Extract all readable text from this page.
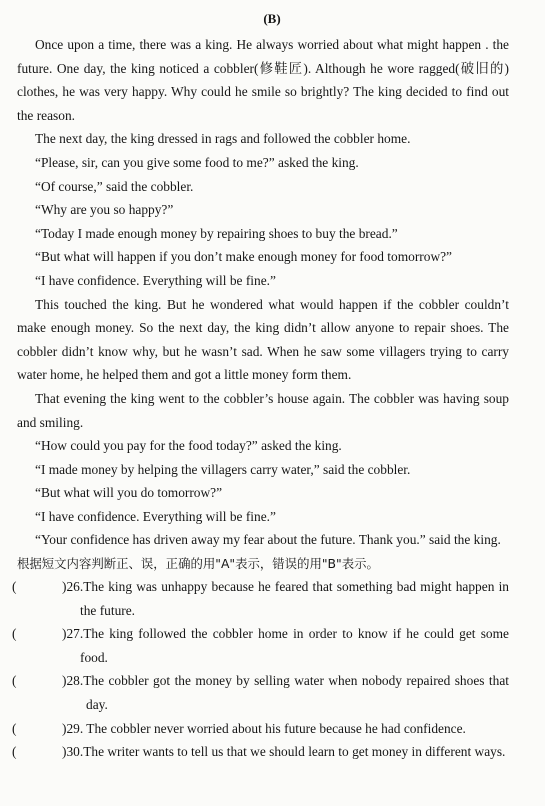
(B)

Once upon a time, there was a king. He always worried about what might happen . the future. One day, the king noticed a cobbler(修鞋匠). Although he wore ragged(破旧的) clothes, he was very happy. Why could he smile so brightly? The king decided to find out the reason.

The next day, the king dressed in rags and followed the cobbler home.

“Please, sir, can you give some food to me?” asked the king.

“Of course,” said the cobbler.

“Why are you so happy?”

“Today I made enough money by repairing shoes to buy the bread.”

“But what will happen if you don’t make enough money for food tomorrow?”

“I have confidence. Everything will be fine.”

This touched the king. But he wondered what would happen if the cobbler couldn’t make enough money. So the next day, the king didn’t allow anyone to repair shoes. The cobbler didn’t know why, but he wasn’t sad. When he saw some villagers trying to carry water home, he helped them and got a little money form them.

That evening the king went to the cobbler’s house again. The cobbler was having soup and smiling.

“How could you pay for the food today?” asked the king.

“I made money by helping the villagers carry water,” said the cobbler.

“But what will you do tomorrow?”

“I have confidence. Everything will be fine.”

“Your confidence has driven away my fear about the future. Thank you.” said the king.

根据短文内容判断正、误，正确的用"A"表示，错误的用"B"表示。

(	)26.The king was unhappy because he feared that something bad might happen in the future.
(	)27.The king followed the cobbler home in order to know if he could get some food.
(	)28.The cobbler got the money by selling water when nobody repaired shoes that day.
(	)29. The cobbler never worried about his future because he had confidence.
(	)30.The writer wants to tell us that we should learn to get money in different ways.
